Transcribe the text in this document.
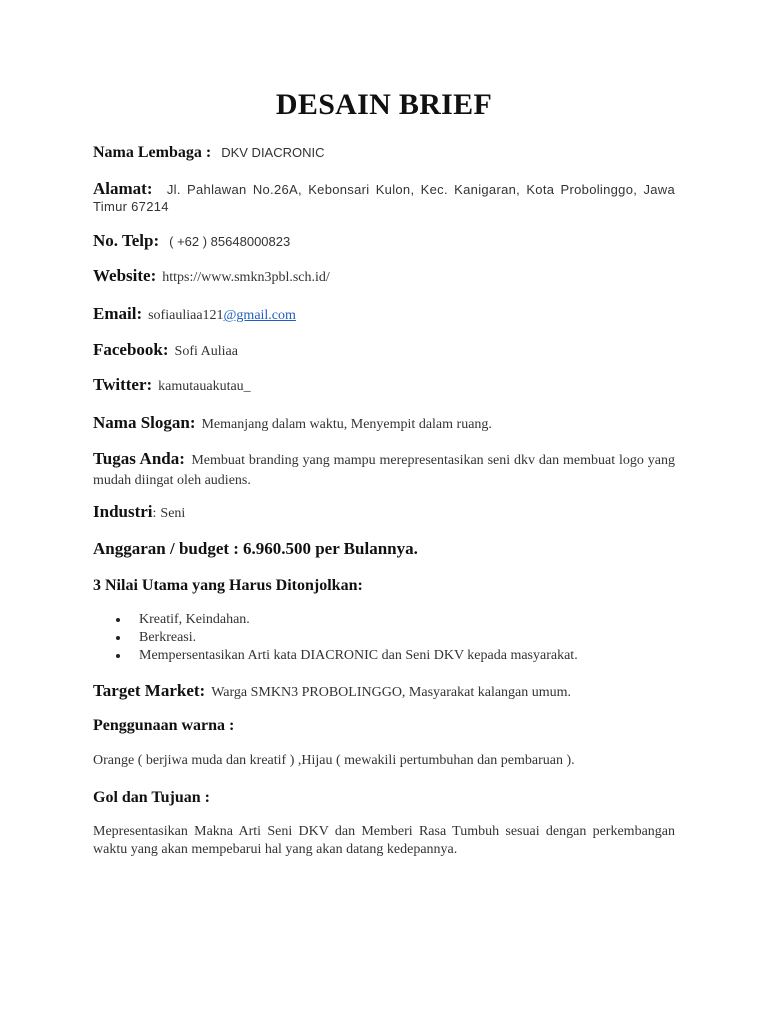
DESAIN BRIEF
Nama Lembaga : DKV DIACRONIC
Alamat: Jl. Pahlawan No.26A, Kebonsari Kulon, Kec. Kanigaran, Kota Probolinggo, Jawa Timur 67214
No. Telp: ( +62 ) 85648000823
Website: https://www.smkn3pbl.sch.id/
Email: sofiauliaa121@gmail.com
Facebook: Sofi Auliaa
Twitter: kamutauakutau_
Nama Slogan: Memanjang dalam waktu, Menyempit dalam ruang.
Tugas Anda: Membuat branding yang mampu merepresentasikan seni dkv dan membuat logo yang mudah diingat oleh audiens.
Industri: Seni
Anggaran / budget : 6.960.500 per Bulannya.
3 Nilai Utama yang Harus Ditonjolkan:
Kreatif, Keindahan.
Berkreasi.
Mempersentasikan Arti kata DIACRONIC dan Seni DKV kepada masyarakat.
Target Market: Warga SMKN3 PROBOLINGGO, Masyarakat kalangan umum.
Penggunaan warna :
Orange ( berjiwa muda dan kreatif ) ,Hijau ( mewakili pertumbuhan dan pembaruan ).
Gol dan Tujuan :
Mepresentasikan Makna Arti Seni DKV dan Memberi Rasa Tumbuh sesuai dengan perkembangan waktu yang akan mempebarui hal yang akan datang kedepannya.
